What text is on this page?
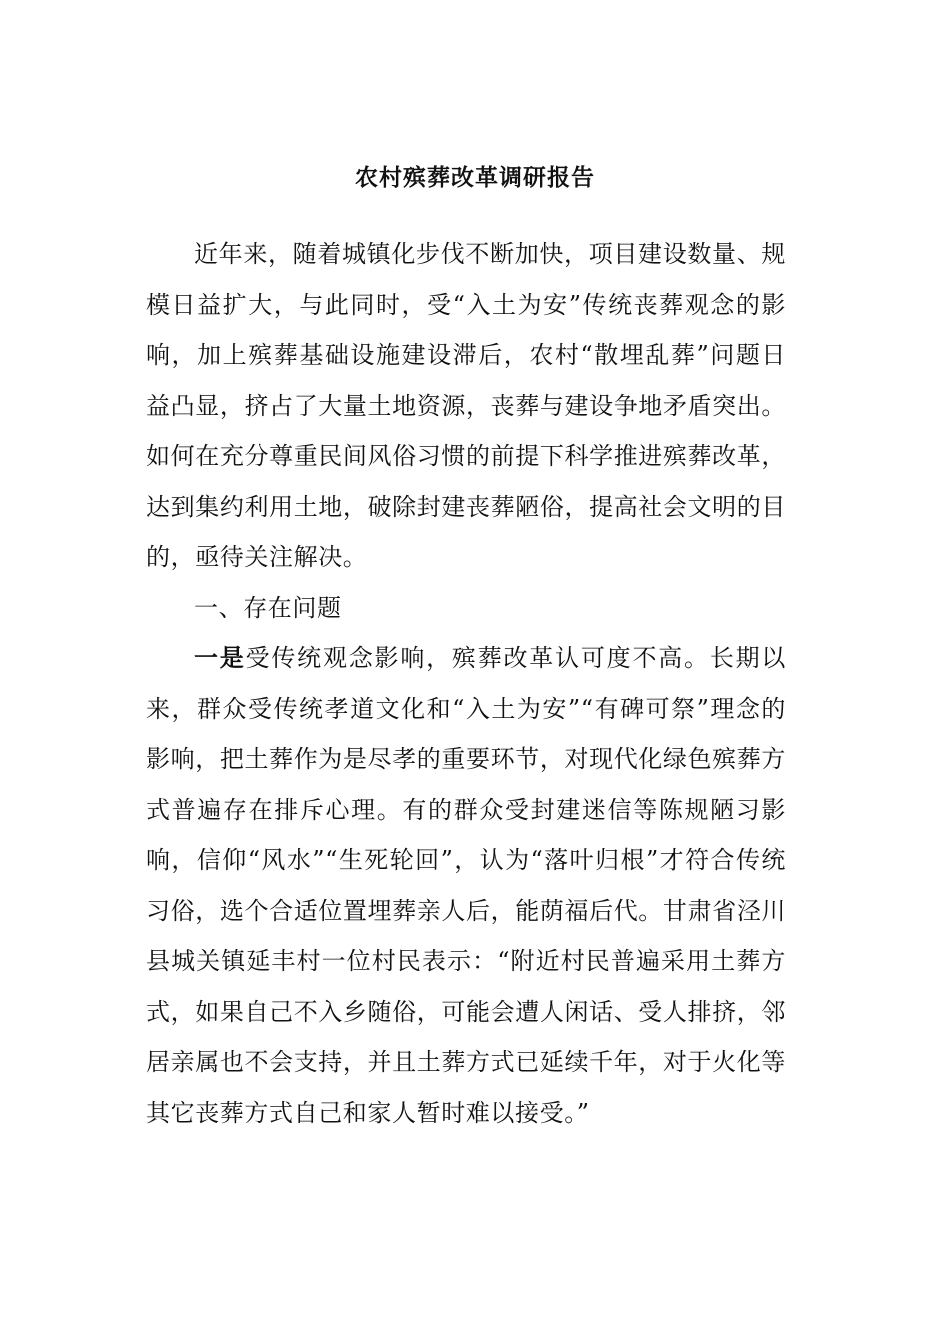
农村殡葬改革调研报告

近年来，随着城镇化步伐不断加快，项目建设数量、规模日益扩大，与此同时，受“入土为安”传统丧葬观念的影响，加上殡葬基础设施建设滞后，农村“散埋乱葬”问题日益凸显，挤占了大量土地资源，丧葬与建设争地矛盾突出。如何在充分尊重民间风俗习惯的前提下科学推进殡葬改革，达到集约利用土地，破除封建丧葬陋俗，提高社会文明的目的，亟待关注解决。

一、存在问题

一是受传统观念影响，殡葬改革认可度不高。长期以来，群众受传统孝道文化和“入土为安”“有碑可祭”理念的影响，把土葬作为是尽孝的重要环节，对现代化绿色殡葬方式普遍存在排斥心理。有的群众受封建迷信等陈规陋习影响，信仰“风水”“生死轮回”，认为“落叶归根”才符合传统习俗，选个合适位置埋葬亲人后，能荫福后代。甘肃省泾川县城关镇延丰村一位村民表示：“附近村民普遍采用土葬方式，如果自己不入乡随俗，可能会遭人闲话、受人排挤，邻居亲属也不会支持，并且土葬方式已延续千年，对于火化等其它丧葬方式自己和家人暂时难以接受。”
